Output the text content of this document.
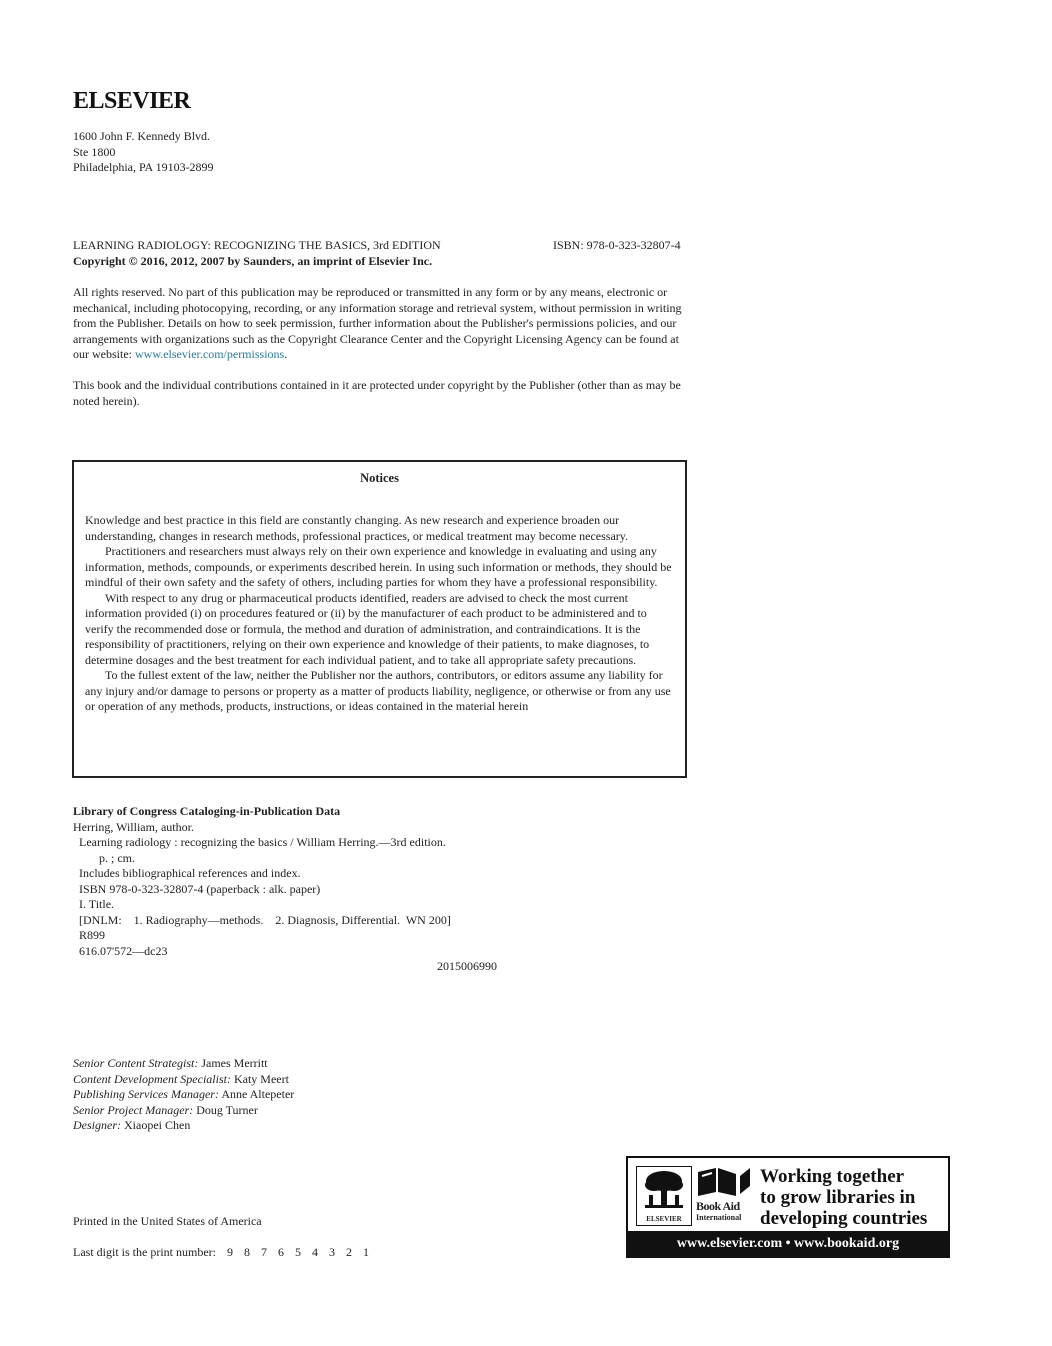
ELSEVIER
1600 John F. Kennedy Blvd.
Ste 1800
Philadelphia, PA 19103-2899
LEARNING RADIOLOGY: RECOGNIZING THE BASICS, 3rd EDITION	ISBN: 978-0-323-32807-4
Copyright © 2016, 2012, 2007 by Saunders, an imprint of Elsevier Inc.
All rights reserved. No part of this publication may be reproduced or transmitted in any form or by any means, electronic or mechanical, including photocopying, recording, or any information storage and retrieval system, without permission in writing from the Publisher. Details on how to seek permission, further information about the Publisher's permissions policies, and our arrangements with organizations such as the Copyright Clearance Center and the Copyright Licensing Agency can be found at our website: www.elsevier.com/permissions.
This book and the individual contributions contained in it are protected under copyright by the Publisher (other than as may be noted herein).
Notices

Knowledge and best practice in this field are constantly changing. As new research and experience broaden our understanding, changes in research methods, professional practices, or medical treatment may become necessary.

Practitioners and researchers must always rely on their own experience and knowledge in evaluating and using any information, methods, compounds, or experiments described herein. In using such information or methods, they should be mindful of their own safety and the safety of others, including parties for whom they have a professional responsibility.

With respect to any drug or pharmaceutical products identified, readers are advised to check the most current information provided (i) on procedures featured or (ii) by the manufacturer of each product to be administered and to verify the recommended dose or formula, the method and duration of administration, and contraindications. It is the responsibility of practitioners, relying on their own experience and knowledge of their patients, to make diagnoses, to determine dosages and the best treatment for each individual patient, and to take all appropriate safety precautions.

To the fullest extent of the law, neither the Publisher nor the authors, contributors, or editors assume any liability for any injury and/or damage to persons or property as a matter of products liability, negligence, or otherwise or from any use or operation of any methods, products, instructions, or ideas contained in the material herein

Library of Congress Cataloging-in-Publication Data
Herring, William, author.
Learning radiology : recognizing the basics / William Herring.—3rd edition.
p. ; cm.
Includes bibliographical references and index.
ISBN 978-0-323-32807-4 (paperback : alk. paper)
I. Title.
[DNLM:    1. Radiography—methods.    2. Diagnosis, Differential.  WN 200]
R899
616.07'572—dc23
2015006990
Senior Content Strategist: James Merritt
Content Development Specialist: Katy Meert
Publishing Services Manager: Anne Altepeter
Senior Project Manager: Doug Turner
Designer: Xiaopei Chen
Printed in the United States of America
Last digit is the print number: 9 8 7 6 5 4 3 2 1
ELSEVIER
Book Aid
International
Working together
to grow libraries in
developing countries
www.elsevier.com • www.bookaid.org
